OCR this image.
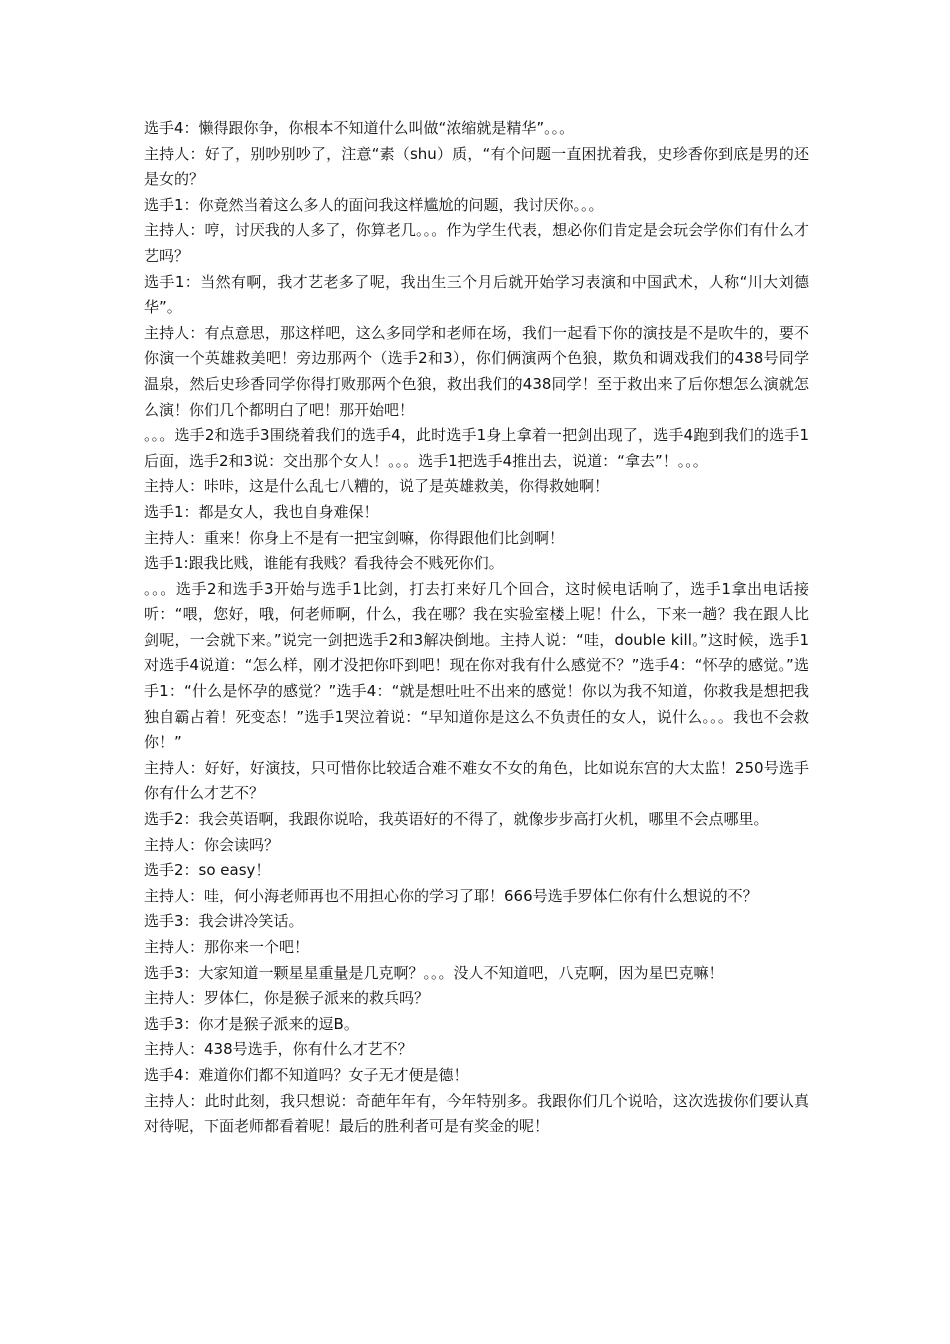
选手4：懒得跟你争，你根本不知道什么叫做“浓缩就是精华”。。。

主持人：好了，别吵别吵了，注意“素（shu）质，“有个问题一直困扰着我，史珍香你到底是男的还是女的？

选手1：你竟然当着这么多人的面问我这样尴尬的问题，我讨厌你。。。

主持人：哼，讨厌我的人多了，你算老几。。。作为学生代表，想必你们肯定是会玩会学你们有什么才艺吗？

选手1：当然有啊，我才艺老多了呢，我出生三个月后就开始学习表演和中国武术，人称“川大刘德华”。

主持人：有点意思，那这样吧，这么多同学和老师在场，我们一起看下你的演技是不是吹牛的，要不你演一个英雄救美吧！旁边那两个（选手2和3），你们俩演两个色狼，欺负和调戏我们的438号同学温泉，然后史珍香同学你得打败那两个色狼，救出我们的438同学！至于救出来了后你想怎么演就怎么演！你们几个都明白了吧！那开始吧！

。。。选手2和选手3围绕着我们的选手4，此时选手1身上拿着一把剑出现了，选手4跑到我们的选手1后面，选手2和3说：交出那个女人！。。。选手1把选手4推出去，说道：“拿去”！。。。

主持人：咔咔，这是什么乱七八糟的，说了是英雄救美，你得救她啊！

选手1：都是女人，我也自身难保！

主持人：重来！你身上不是有一把宝剑嘛，你得跟他们比剑啊！

选手1:跟我比贱，谁能有我贱？看我待会不贱死你们。

。。。选手2和选手3开始与选手1比剑，打去打来好几个回合，这时候电话响了，选手1拿出电话接听：“喂，您好，哦，何老师啊，什么，我在哪？我在实验室楼上呢！什么，下来一趟？我在跟人比剑呢，一会就下来。”说完一剑把选手2和3解决倒地。主持人说：“哇，double kill。”这时候，选手1对选手4说道：“怎么样，刚才没把你吓到吧！现在你对我有什么感觉不？”选手4：“怀孕的感觉。”选手1：“什么是怀孕的感觉？”选手4：“就是想吐吐不出来的感觉！你以为我不知道，你救我是想把我独自霸占着！死变态！”选手1哭泣着说：“早知道你是这么不负责任的女人，说什么。。。我也不会救你！”

主持人：好好，好演技，只可惜你比较适合难不难女不女的角色，比如说东宫的大太监！250号选手你有什么才艺不？

选手2：我会英语啊，我跟你说哈，我英语好的不得了，就像步步高打火机，哪里不会点哪里。

主持人：你会读吗？

选手2：so easy！

主持人：哇，何小海老师再也不用担心你的学习了耶！666号选手罗体仁你有什么想说的不？

选手3：我会讲冷笑话。

主持人：那你来一个吧！

选手3：大家知道一颗星星重量是几克啊？。。。没人不知道吧，八克啊，因为星巴克嘛！

主持人：罗体仁，你是猴子派来的救兵吗？

选手3：你才是猴子派来的逗B。

主持人：438号选手，你有什么才艺不？

选手4：难道你们都不知道吗？女子无才便是德！

主持人：此时此刻，我只想说：奇葩年年有，今年特别多。我跟你们几个说哈，这次选拔你们要认真对待呢，下面老师都看着呢！最后的胜利者可是有奖金的呢！
